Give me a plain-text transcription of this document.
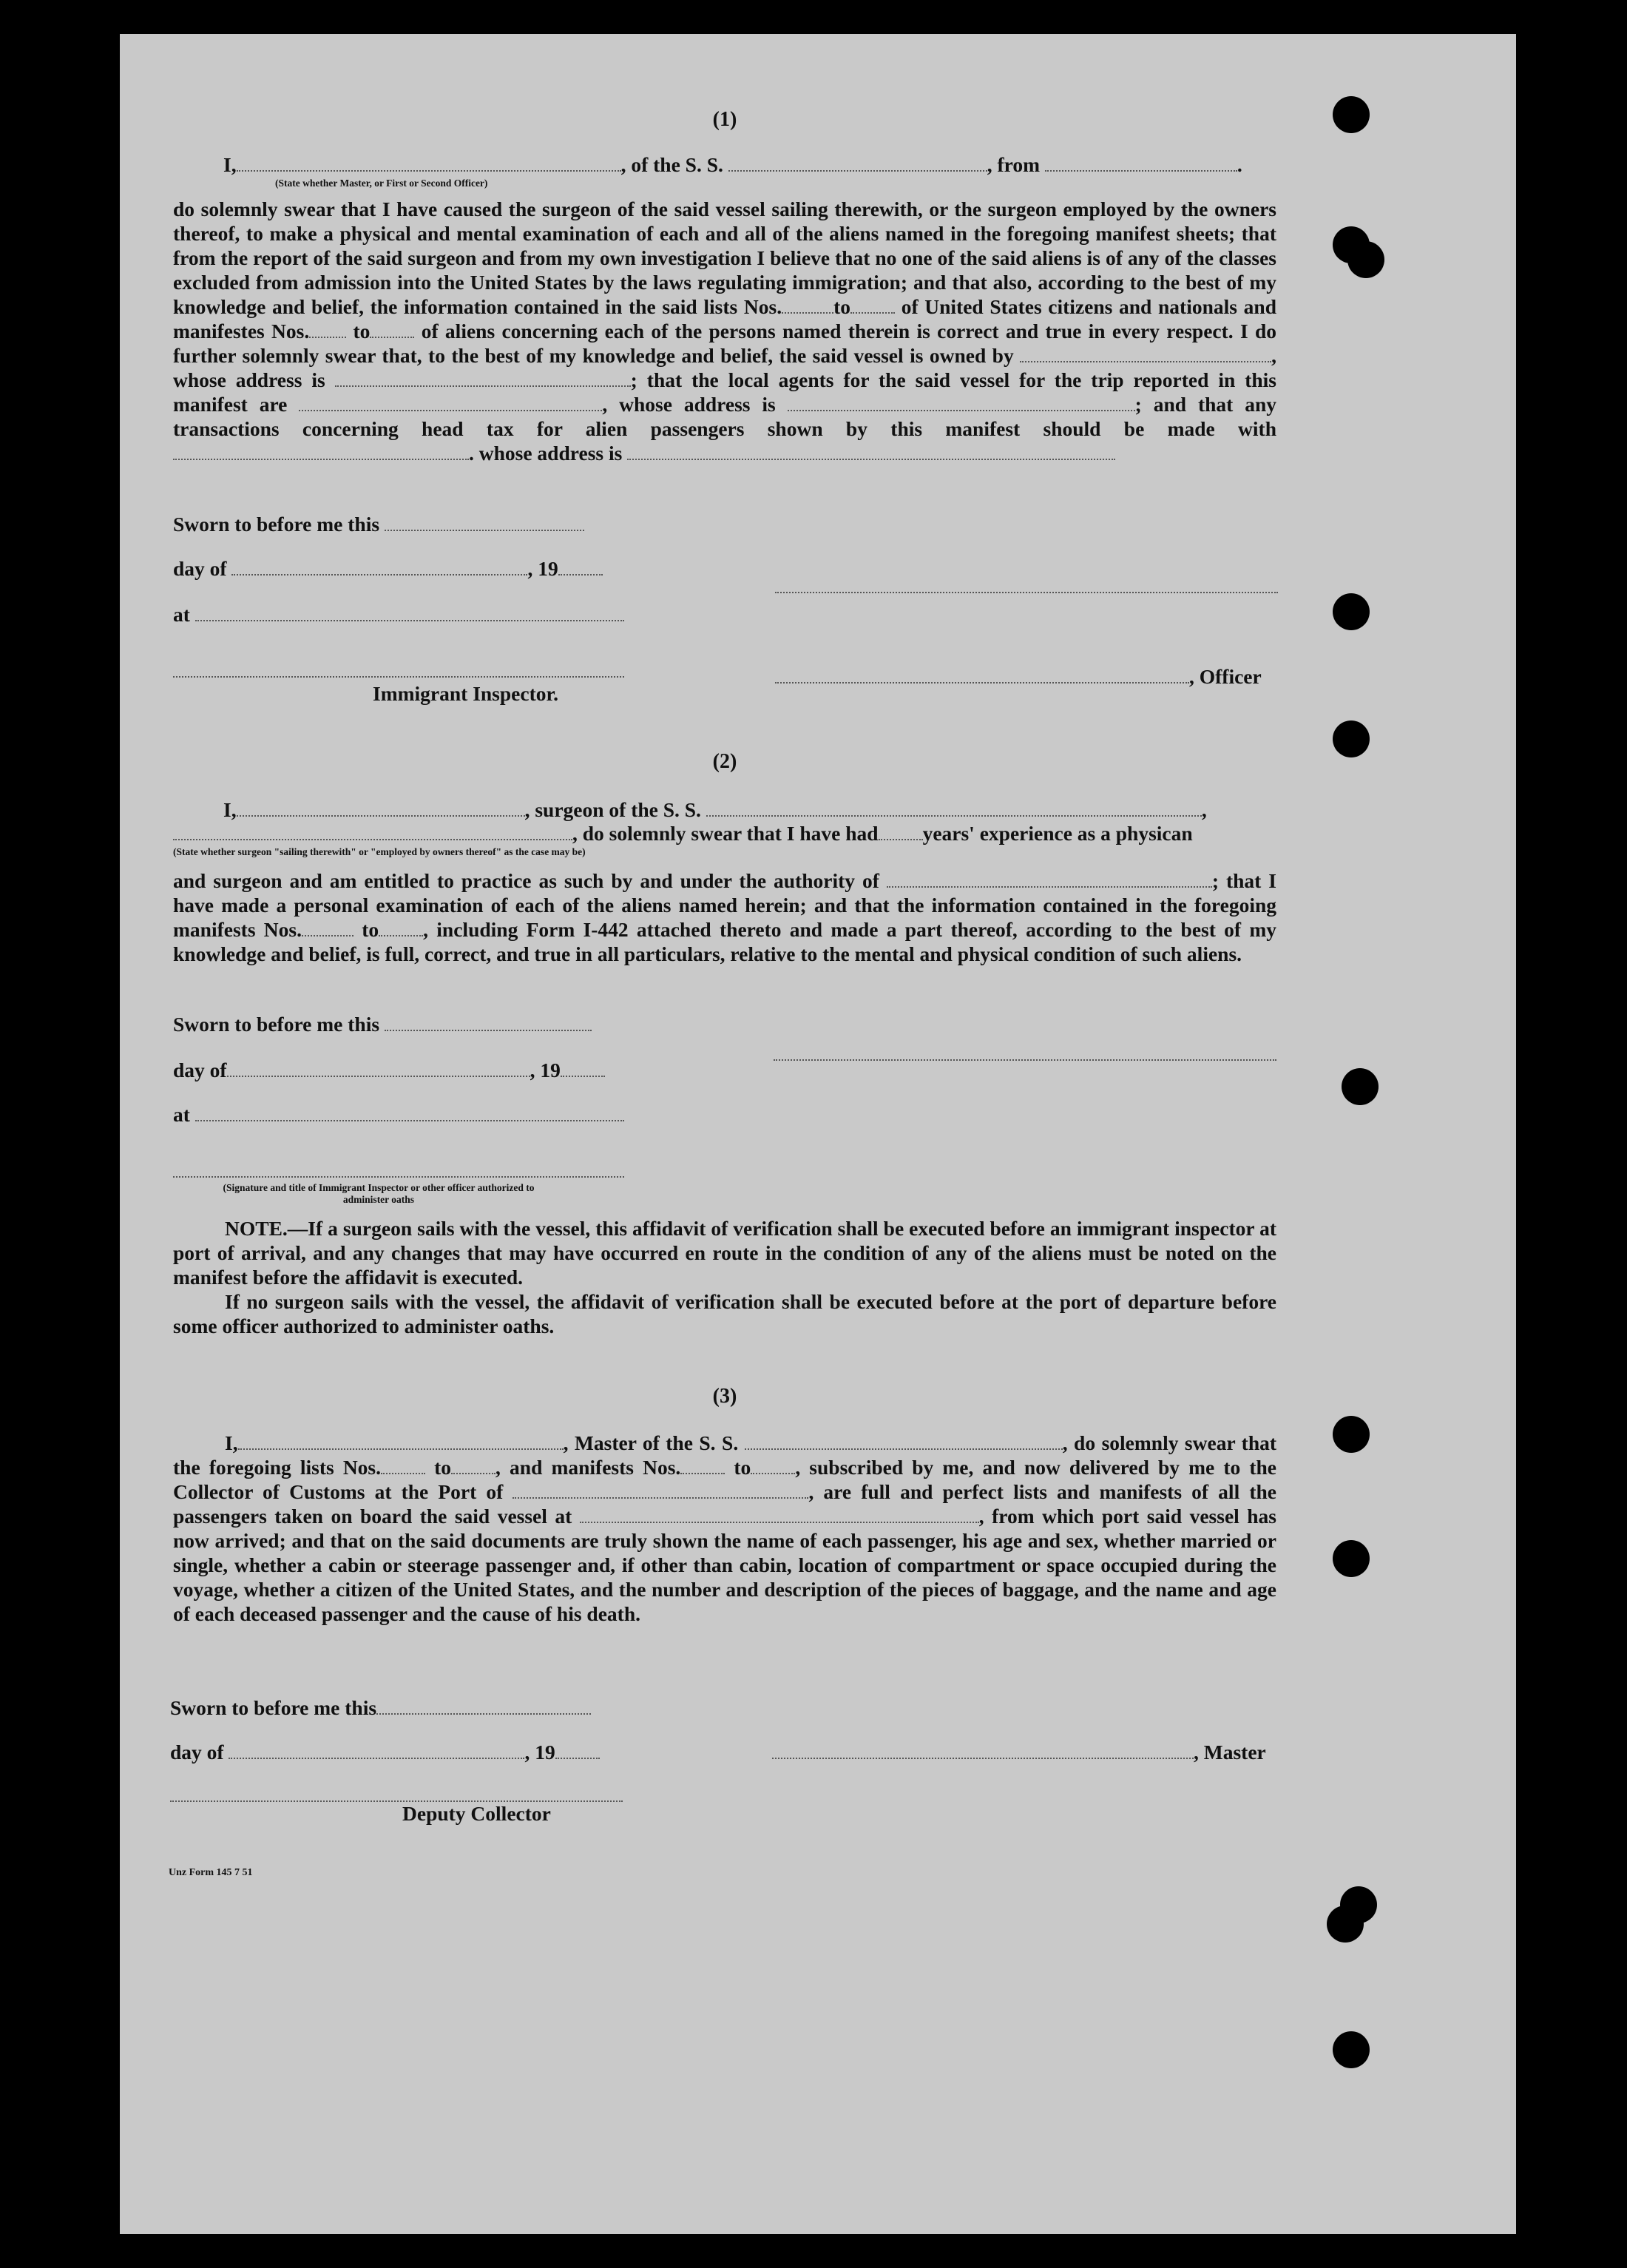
(1)
I,	, of the S. S.	, from	.
(State whether Master, or First or Second Officer)
do solemnly swear that I have caused the surgeon of the said vessel sailing therewith, or the surgeon employed by the owners thereof, to make a physical and mental examination of each and all of the aliens named in the foregoing manifest sheets; that from the report of the said surgeon and from my own investigation I believe that no one of the said aliens is of any of the classes excluded from admission into the United States by the laws regulating immigration; and that also, according to the best of my knowledge and belief, the information contained in the said lists Nos.	to of United States citizens and nationals and manifestes Nos. to	of aliens concerning each of the persons named therein is correct and true in every respect. I do further solemnly swear that, to the best of my knowledge and belief, the said vessel is owned by	, whose address is	; that the local agents for the said vessel for the trip reported in this manifest are	, whose address is	; and that any transactions concerning head tax for alien passengers shown by this manifest should be made with . whose address is
Sworn to before me this
day of	, 19
at
, Officer
Immigrant Inspector.
(2)
I,	, surgeon of the S. S.	,
, do solemnly swear that I have had years' experience as a physican
(State whether surgeon "sailing therewith" or "employed by owners thereof" as the case may be)
and surgeon and am entitled to practice as such by and under the authority of	; that I have made a personal examination of each of the aliens named herein; and that the information contained in the foregoing manifests Nos.	to , including Form I-442 attached thereto and made a part thereof, according to the best of my knowledge and belief, is full, correct, and true in all particulars, relative to the mental and physical condition of such aliens.
Sworn to before me this
day of	, 19
at
(Signature and title of Immigrant Inspector or other officer authorized to administer oaths
NOTE.—If a surgeon sails with the vessel, this affidavit of verification shall be executed before an immigrant inspector at port of arrival, and any changes that may have occurred en route in the condition of any of the aliens must be noted on the manifest before the affidavit is executed.
If no surgeon sails with the vessel, the affidavit of verification shall be executed before at the port of departure before some officer authorized to administer oaths.
(3)
I,	, Master of the S. S.	, do solemnly swear that the foregoing lists Nos.	to , and manifests Nos.	to , subscribed by me, and now delivered by me to the Collector of Customs at the Port of	, are full and perfect lists and manifests of all the passengers taken on board the said vessel at	, from which port said vessel has now arrived; and that on the said documents are truly shown the name of each passenger, his age and sex, whether married or single, whether a cabin or steerage passenger and, if other than cabin, location of compartment or space occupied during the voyage, whether a citizen of the United States, and the number and description of the pieces of baggage, and the name and age of each deceased passenger and the cause of his death.
Sworn to before me this
day of	, 19	, Master
Deputy Collector
Unz Form 145 7 51
